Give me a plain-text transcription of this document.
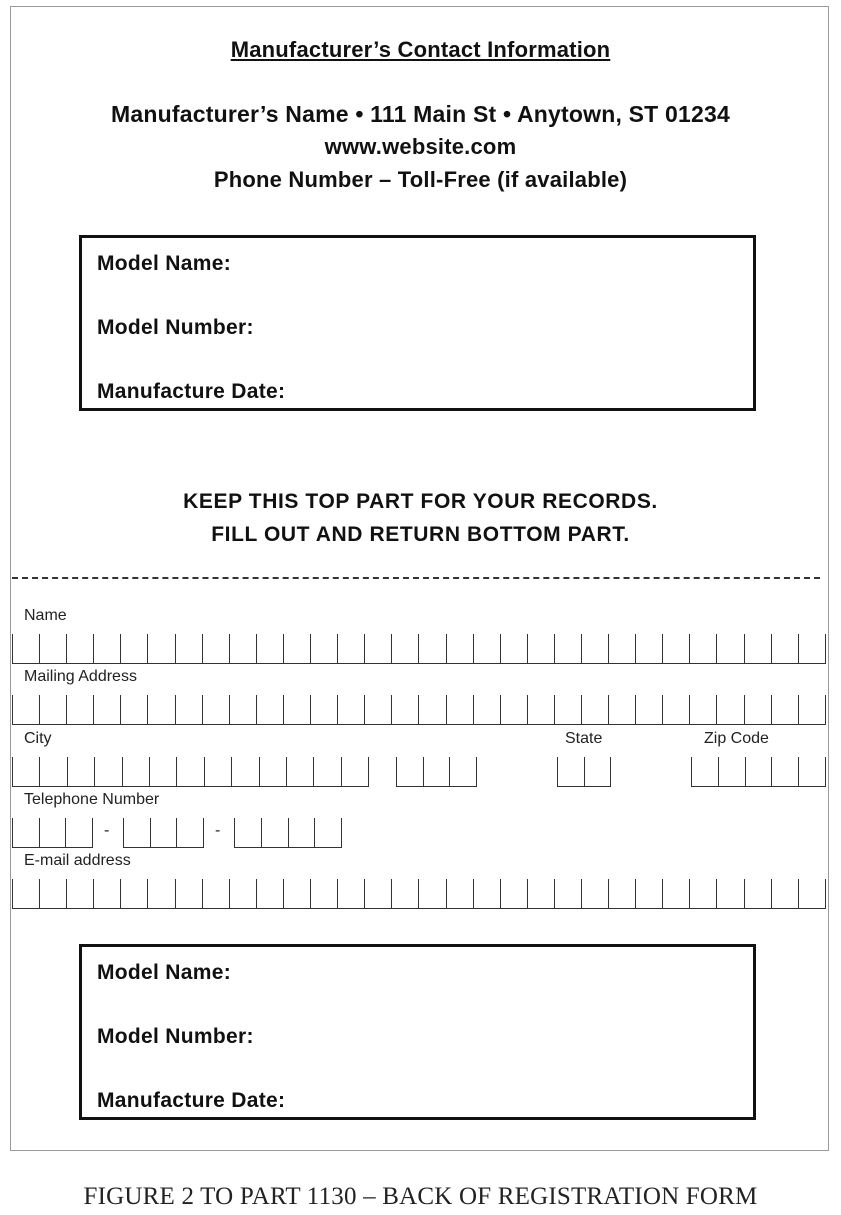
Manufacturer’s Contact Information
Manufacturer’s Name • 111 Main St • Anytown, ST 01234
www.website.com
Phone Number – Toll-Free (if available)
Model Name:
Model Number:
Manufacture Date:
KEEP THIS TOP PART FOR YOUR RECORDS.
FILL OUT AND RETURN BOTTOM PART.
Name
Mailing Address
City	State	Zip Code
Telephone Number
-	-
E-mail address
Model Name:
Model Number:
Manufacture Date:
FIGURE 2 TO PART 1130 – BACK OF REGISTRATION FORM
